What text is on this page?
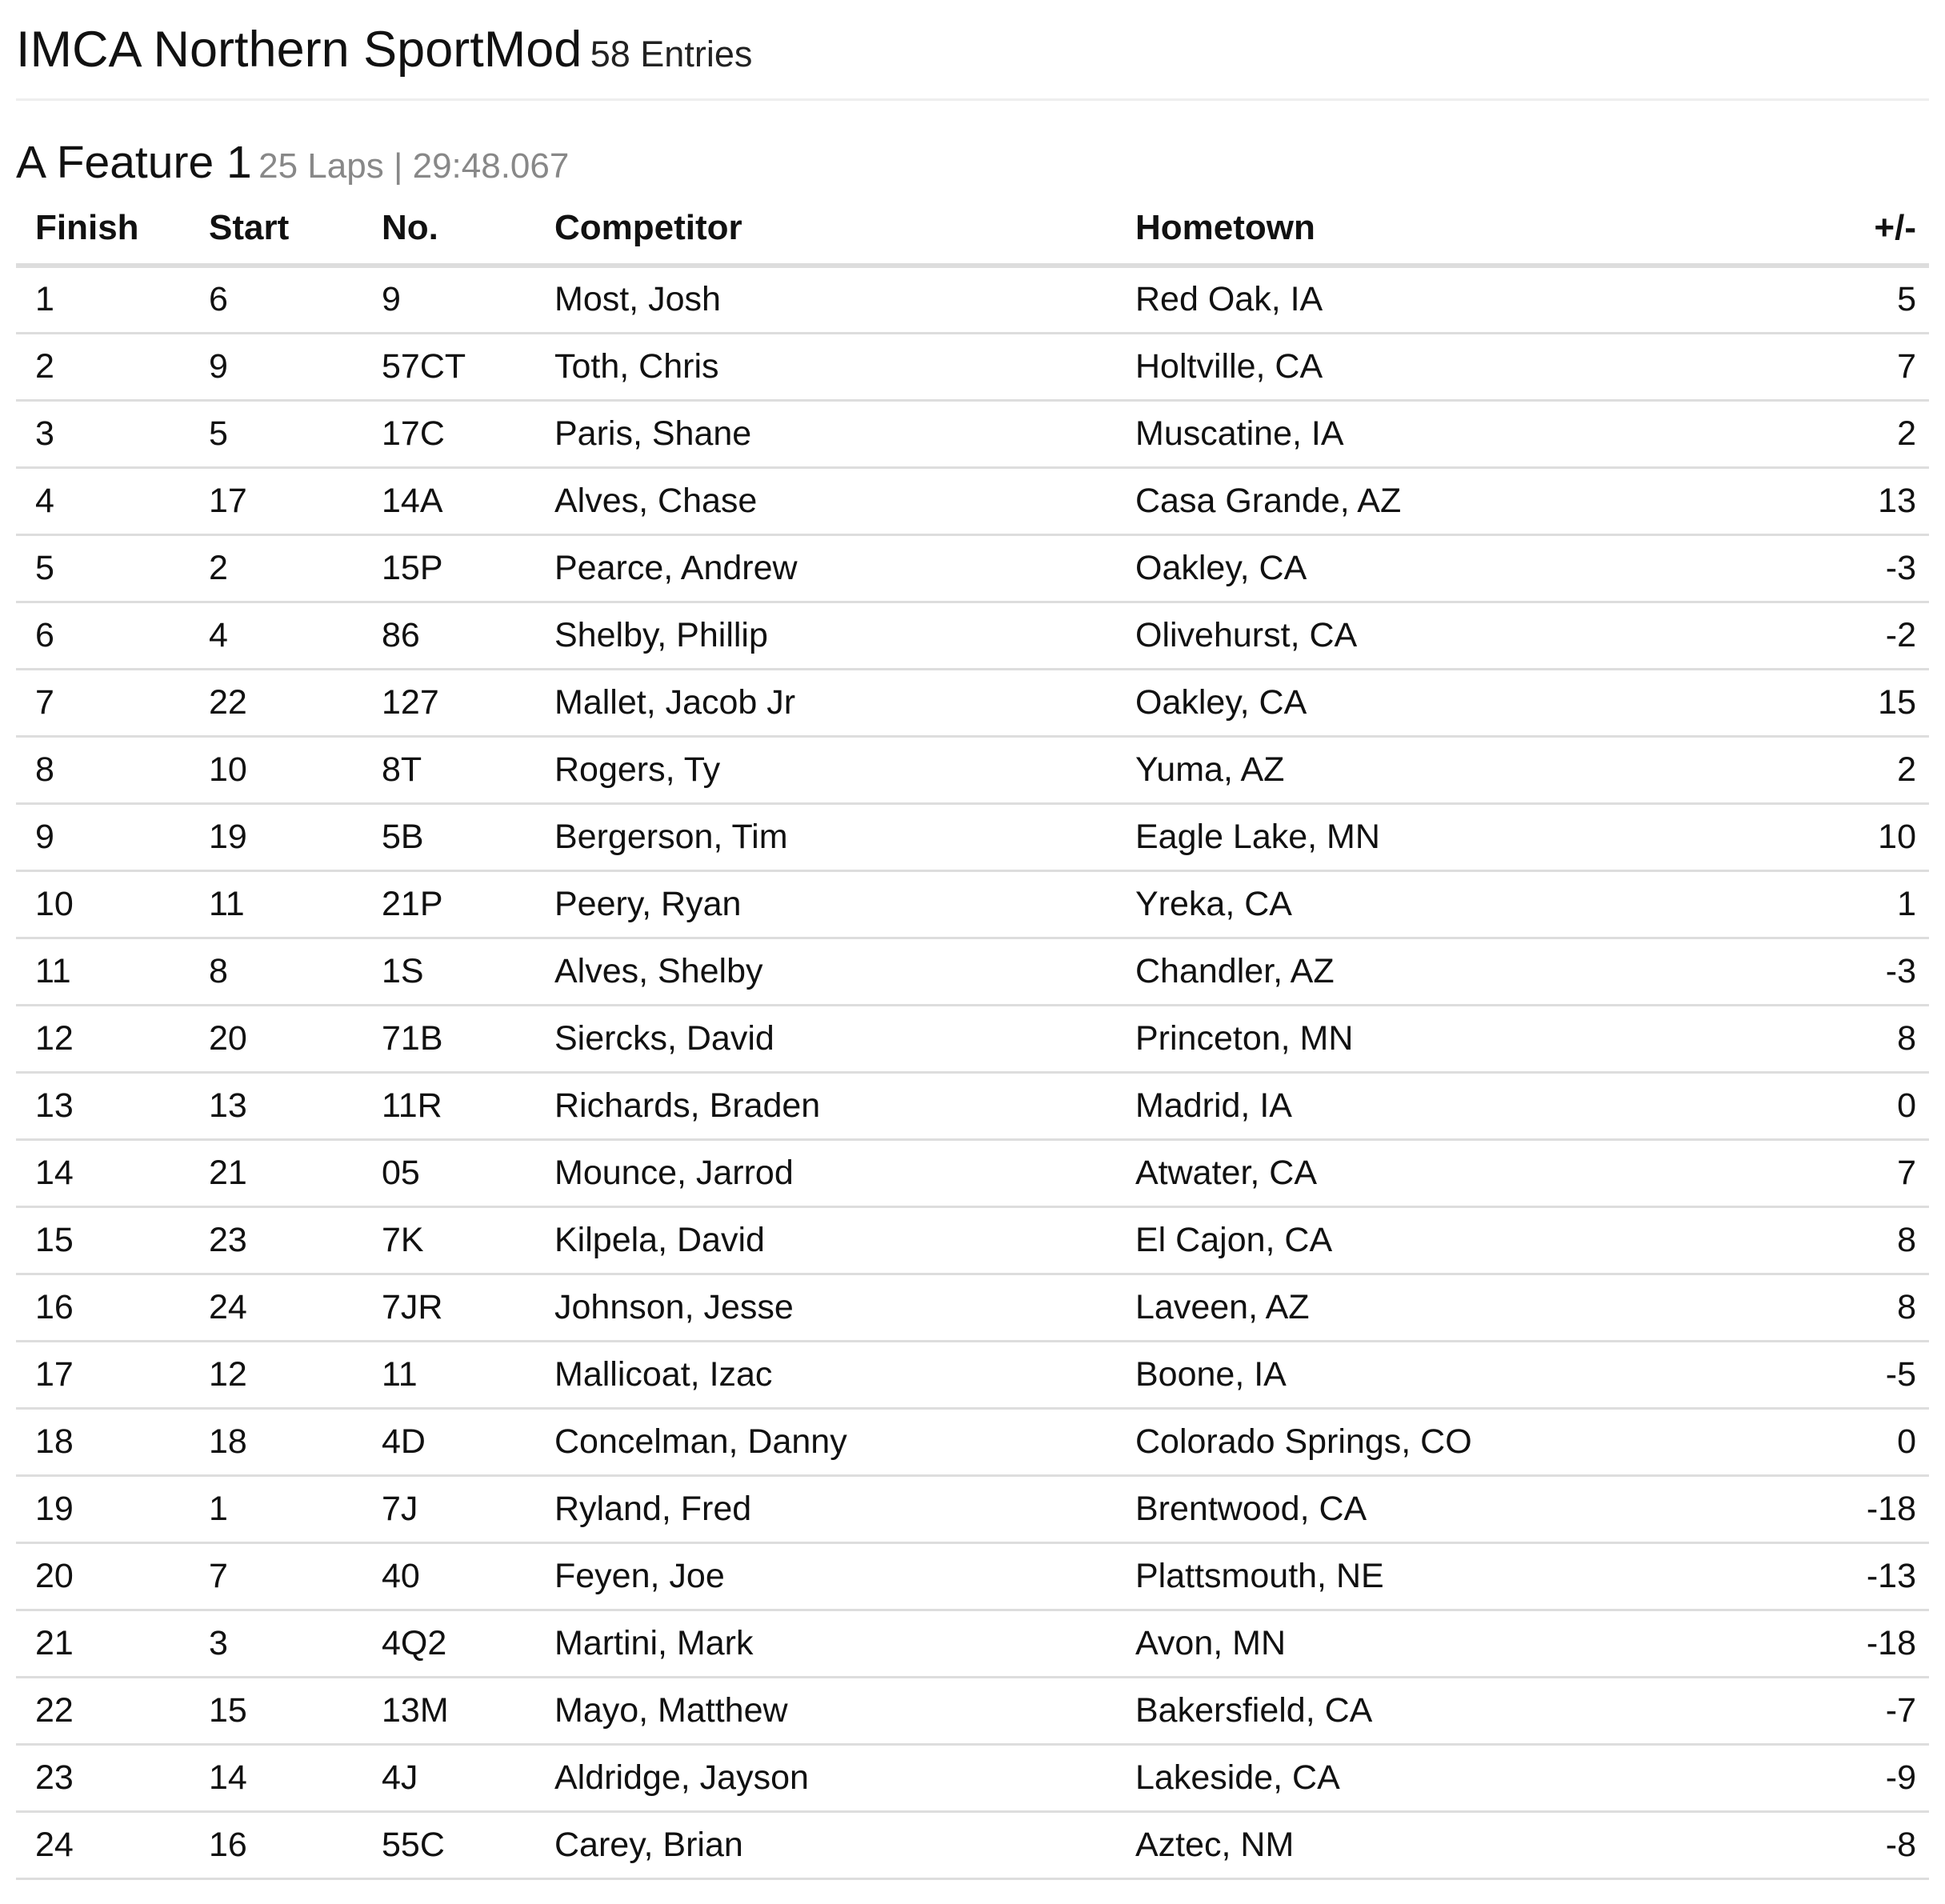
IMCA Northern SportMod 58 Entries
A Feature 1 25 Laps | 29:48.067
Finish	Start	No.	Competitor	Hometown	+/-
1	6	9	Most, Josh	Red Oak, IA	5
2	9	57CT	Toth, Chris	Holtville, CA	7
3	5	17C	Paris, Shane	Muscatine, IA	2
4	17	14A	Alves, Chase	Casa Grande, AZ	13
5	2	15P	Pearce, Andrew	Oakley, CA	-3
6	4	86	Shelby, Phillip	Olivehurst, CA	-2
7	22	127	Mallet, Jacob Jr	Oakley, CA	15
8	10	8T	Rogers, Ty	Yuma, AZ	2
9	19	5B	Bergerson, Tim	Eagle Lake, MN	10
10	11	21P	Peery, Ryan	Yreka, CA	1
11	8	1S	Alves, Shelby	Chandler, AZ	-3
12	20	71B	Siercks, David	Princeton, MN	8
13	13	11R	Richards, Braden	Madrid, IA	0
14	21	05	Mounce, Jarrod	Atwater, CA	7
15	23	7K	Kilpela, David	El Cajon, CA	8
16	24	7JR	Johnson, Jesse	Laveen, AZ	8
17	12	11	Mallicoat, Izac	Boone, IA	-5
18	18	4D	Concelman, Danny	Colorado Springs, CO	0
19	1	7J	Ryland, Fred	Brentwood, CA	-18
20	7	40	Feyen, Joe	Plattsmouth, NE	-13
21	3	4Q2	Martini, Mark	Avon, MN	-18
22	15	13M	Mayo, Matthew	Bakersfield, CA	-7
23	14	4J	Aldridge, Jayson	Lakeside, CA	-9
24	16	55C	Carey, Brian	Aztec, NM	-8
